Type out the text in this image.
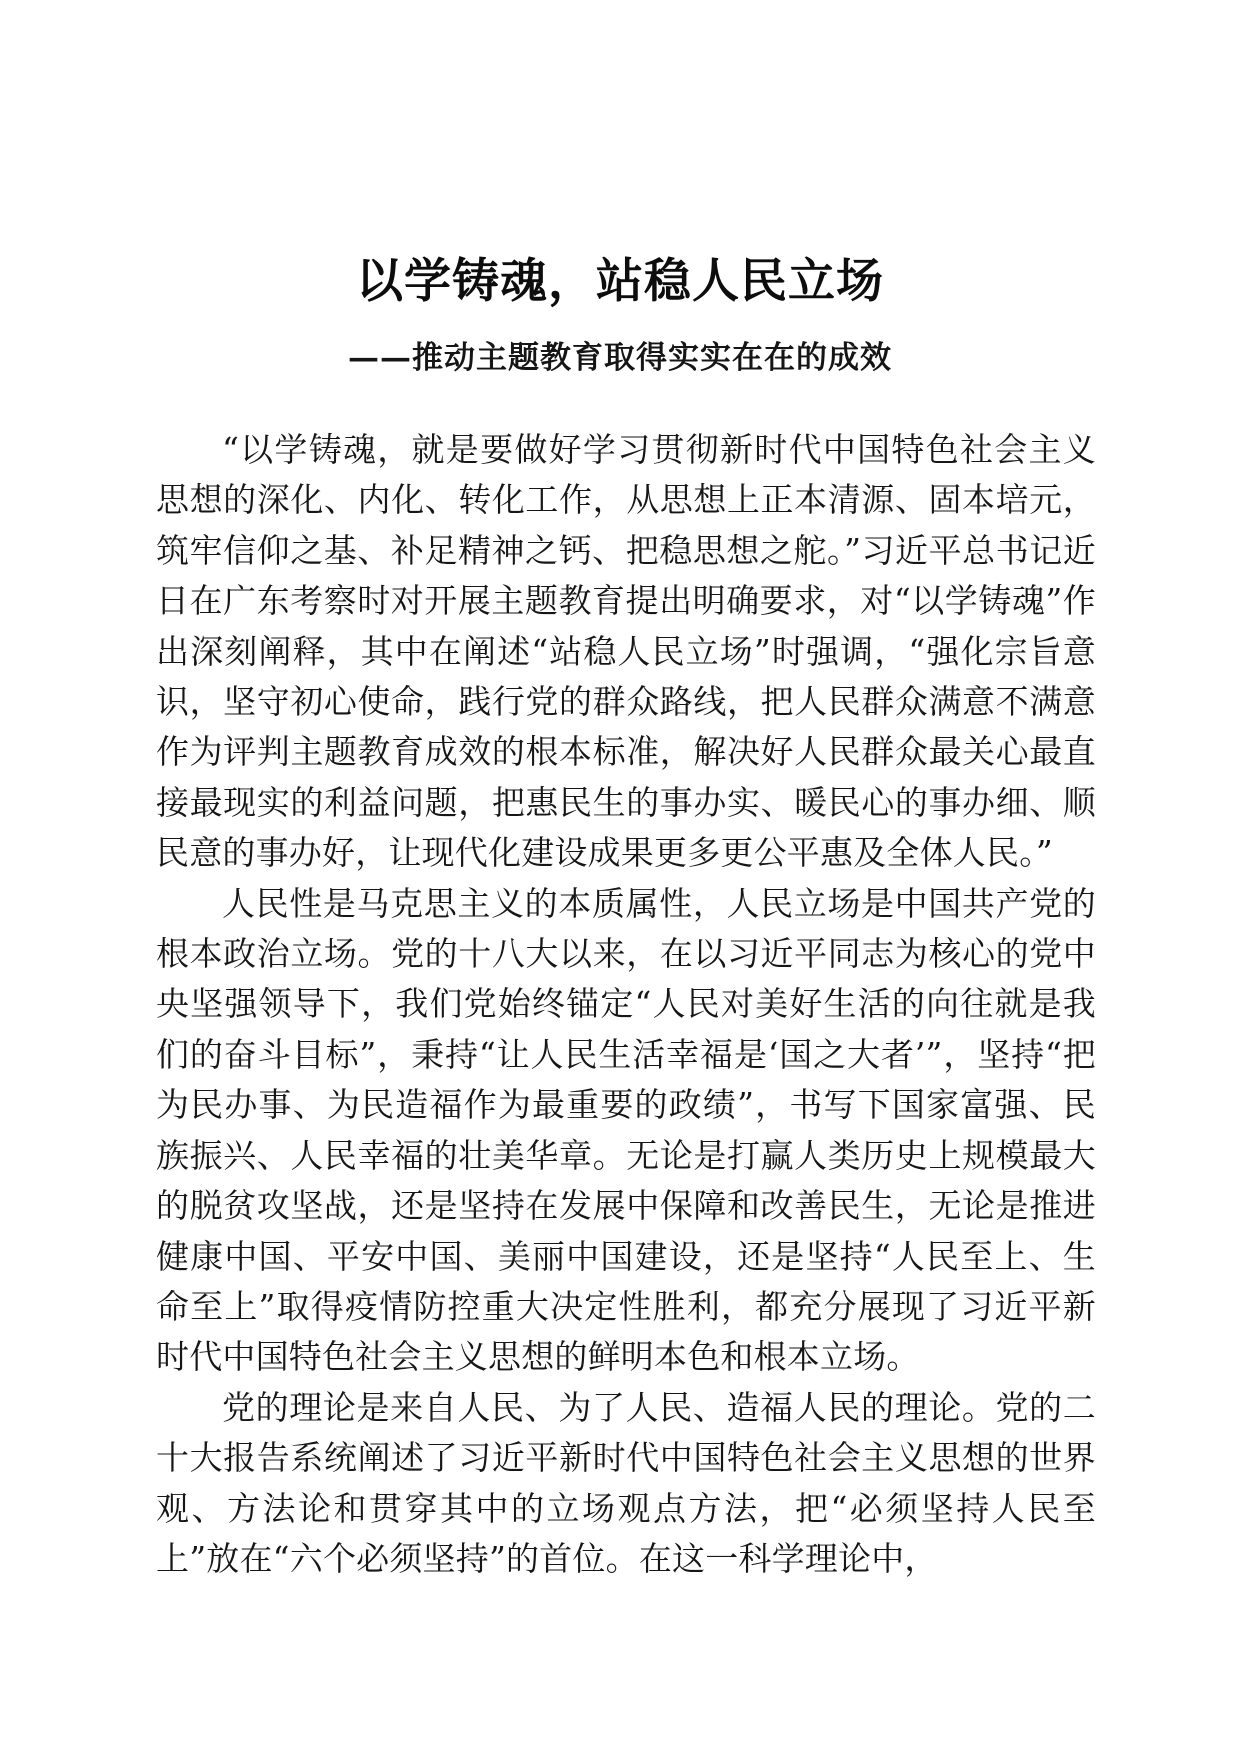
以学铸魂，站稳人民立场
——推动主题教育取得实实在在的成效

“以学铸魂，就是要做好学习贯彻新时代中国特色社会主义思想的深化、内化、转化工作，从思想上正本清源、固本培元，筑牢信仰之基、补足精神之钙、把稳思想之舵。”习近平总书记近日在广东考察时对开展主题教育提出明确要求，对“以学铸魂”作出深刻阐释，其中在阐述“站稳人民立场”时强调，“强化宗旨意识，坚守初心使命，践行党的群众路线，把人民群众满意不满意作为评判主题教育成效的根本标准，解决好人民群众最关心最直接最现实的利益问题，把惠民生的事办实、暖民心的事办细、顺民意的事办好，让现代化建设成果更多更公平惠及全体人民。”

人民性是马克思主义的本质属性，人民立场是中国共产党的根本政治立场。党的十八大以来，在以习近平同志为核心的党中央坚强领导下，我们党始终锚定“人民对美好生活的向往就是我们的奋斗目标”，秉持“让人民生活幸福是‘国之大者’”，坚持“把为民办事、为民造福作为最重要的政绩”，书写下国家富强、民族振兴、人民幸福的壮美华章。无论是打赢人类历史上规模最大的脱贫攻坚战，还是坚持在发展中保障和改善民生，无论是推进健康中国、平安中国、美丽中国建设，还是坚持“人民至上、生命至上”取得疫情防控重大决定性胜利，都充分展现了习近平新时代中国特色社会主义思想的鲜明本色和根本立场。

党的理论是来自人民、为了人民、造福人民的理论。党的二十大报告系统阐述了习近平新时代中国特色社会主义思想的世界观、方法论和贯穿其中的立场观点方法，把“必须坚持人民至上”放在“六个必须坚持”的首位。在这一科学理论中，
